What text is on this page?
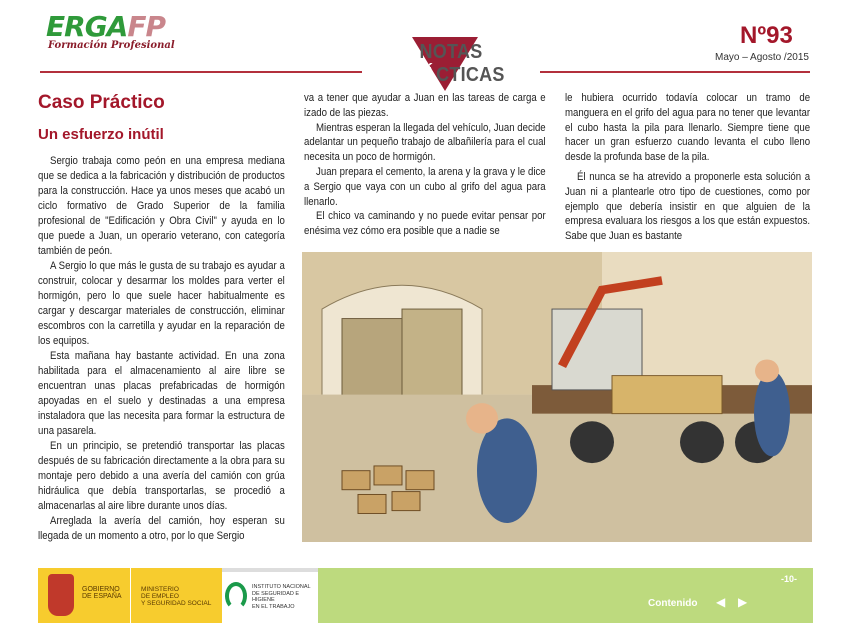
ERGAFP
Formación Profesional	NOTAS PRÁCTICAS
Nº93
Mayo – Agosto /2015
Caso Práctico
Un esfuerzo inútil

Sergio trabaja como peón en una empresa mediana que se dedica a la fabricación y distribución de productos para la construcción. Hace ya unos meses que acabó un ciclo formativo de Grado Superior de la familia profesional de "Edificación y Obra Civil" y ayuda en lo que puede a Juan, un operario veterano, con categoría también de peón.

A Sergio lo que más le gusta de su trabajo es ayudar a construir, colocar y desarmar los moldes para verter el hormigón, pero lo que suele hacer habitualmente es cargar y descargar materiales de construcción, eliminar escombros con la carretilla y ayudar en la reparación de los equipos.

Esta mañana hay bastante actividad. En una zona habilitada para el almacenamiento al aire libre se encuentran unas placas prefabricadas de hormigón apoyadas en el suelo y destinadas a una empresa instaladora que las necesita para formar la estructura de una pasarela.

En un principio, se pretendió transportar las placas después de su fabricación directamente a la obra para su montaje pero debido a una avería del camión con grúa hidráulica que debía transportarlas, se procedió a almacenarlas al aire libre durante unos días.

Arreglada la avería del camión, hoy esperan su llegada de un momento a otro, por lo que Sergio

va a tener que ayudar a Juan en las tareas de carga e izado de las piezas.

Mientras esperan la llegada del vehículo, Juan decide adelantar un pequeño trabajo de albañilería para el cual necesita un poco de hormigón.

Juan prepara el cemento, la arena y la grava y le dice a Sergio que vaya con un cubo al grifo del agua para llenarlo.

El chico va caminando y no puede evitar pensar por enésima vez cómo era posible que a nadie se

le hubiera ocurrido todavía colocar un tramo de manguera en el grifo del agua para no tener que levantar el cubo hasta la pila para llenarlo. Siempre tiene que hacer un gran esfuerzo cuando levanta el cubo lleno desde la profunda base de la pila.

Él nunca se ha atrevido a proponerle esta solución a Juan ni a plantearle otro tipo de cuestiones, como por ejemplo que debería insistir en que alguien de la empresa evaluara los riesgos a los que están expuestos. Sabe que Juan es bastante

GOBIERNO
DE ESPAÑA
MINISTERIO
DE EMPLEO
Y SEGURIDAD SOCIAL
INSTITUTO NACIONAL
DE SEGURIDAD E HIGIENE
EN EL TRABAJO
-10-
Contenido ◀ ▶
